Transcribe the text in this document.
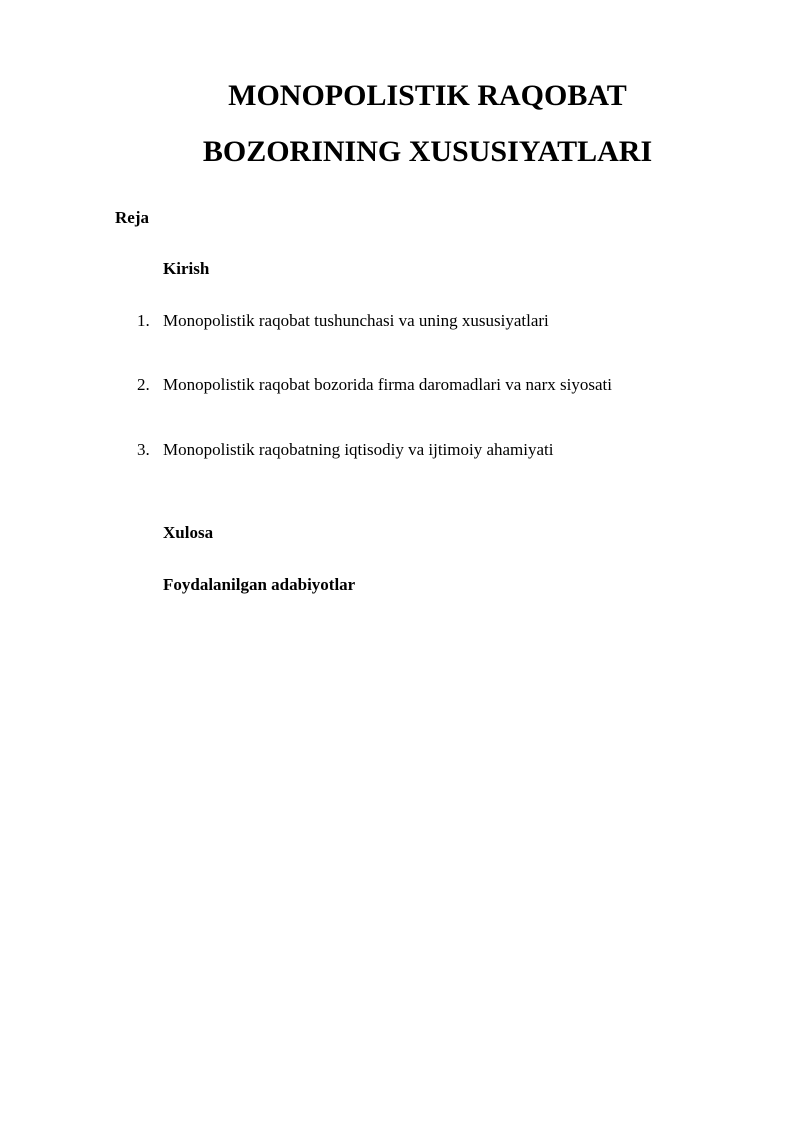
MONOPOLISTIK RAQOBAT
BOZORINING XUSUSIYATLARI
Reja
Kirish
1. Monopolistik raqobat tushunchasi va uning xususiyatlari
2. Monopolistik raqobat bozorida firma daromadlari va narx siyosati
3. Monopolistik raqobatning iqtisodiy va ijtimoiy ahamiyati
Xulosa
Foydalanilgan adabiyotlar
